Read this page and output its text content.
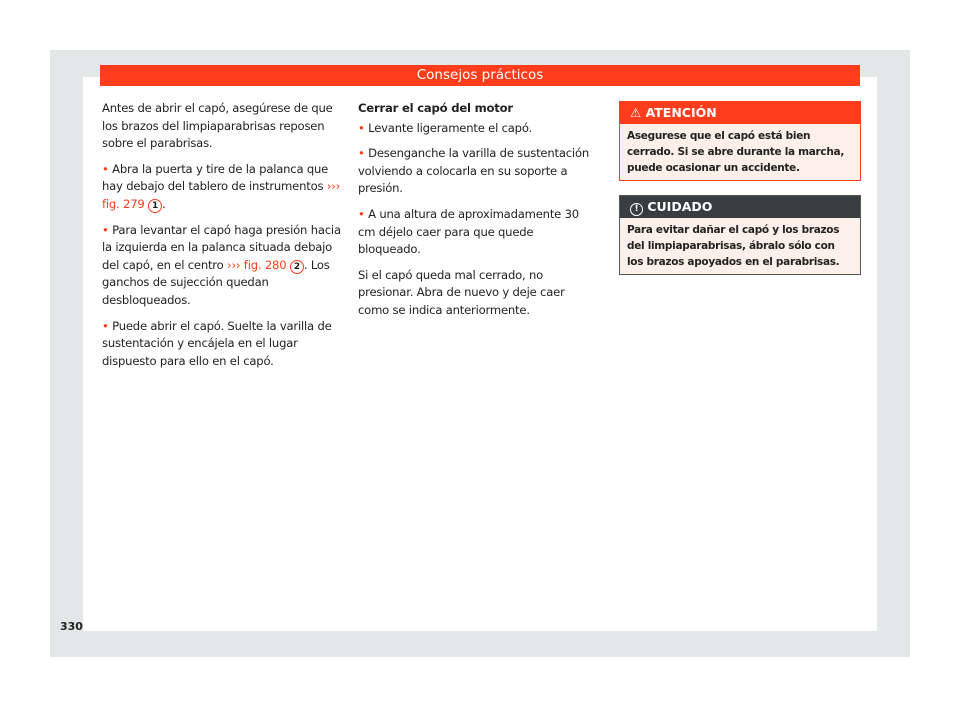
Consejos prácticos

Antes de abrir el capó, asegúrese de que los brazos del limpiaparabrisas reposen sobre el parabrisas.

• Abra la puerta y tire de la palanca que hay debajo del tablero de instrumentos ››› fig. 279 1 .

• Para levantar el capó haga presión hacia la izquierda en la palanca situada debajo del capó, en el centro ››› fig. 280 2 . Los ganchos de sujección quedan desbloqueados.

• Puede abrir el capó. Suelte la varilla de sustentación y encájela en el lugar dispuesto para ello en el capó.

Cerrar el capó del motor

• Levante ligeramente el capó.

• Desenganche la varilla de sustentación volviendo a colocarla en su soporte a presión.

• A una altura de aproximadamente 30 cm déjelo caer para que quede bloqueado.

Si el capó queda mal cerrado, no presionar. Abra de nuevo y deje caer como se indica anteriormente.

⚠ ATENCIÓN
Asegurese que el capó está bien cerrado. Si se abre durante la marcha, puede ocasionar un accidente.
! CUIDADO
Para evitar dañar el capó y los brazos del limpiaparabrisas, ábralo sólo con los brazos apoyados en el parabrisas.
330
